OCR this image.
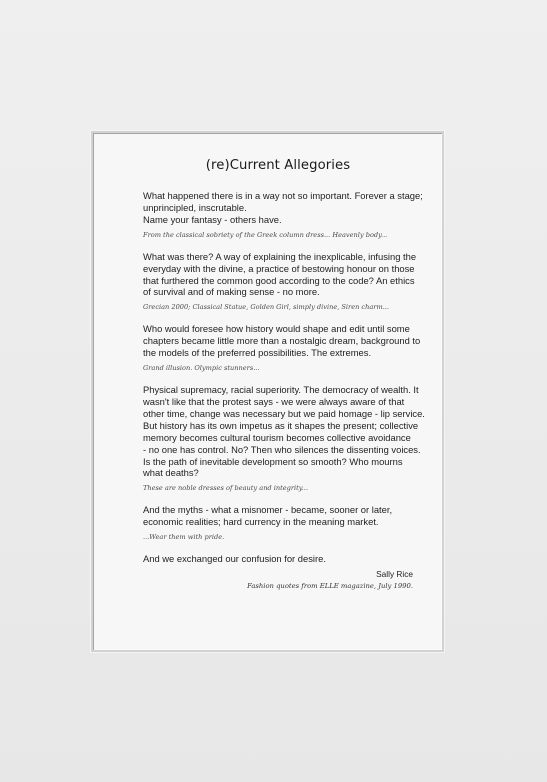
(re)Current Allegories

What happened there is in a way not so important. Forever a stage;
unprincipled, inscrutable.
Name your fantasy - others have.

From the classical sobriety of the Greek column dress... Heavenly body...

What was there? A way of explaining the inexplicable, infusing the
everyday with the divine, a practice of bestowing honour on those
that furthered the common good according to the code? An ethics
of survival and of making sense - no more.

Grecian 2000; Classical Statue, Golden Girl, simply divine, Siren charm...

Who would foresee how history would shape and edit until some
chapters became little more than a nostalgic dream, background to
the models of the preferred possibilities. The extremes.

Grand illusion. Olympic stunners...

Physical supremacy, racial superiority. The democracy of wealth. It
wasn't like that the protest says - we were always aware of that
other time, change was necessary but we paid homage - lip service.
But history has its own impetus as it shapes the present; collective
memory becomes cultural tourism becomes collective avoidance
- no one has control. No? Then who silences the dissenting voices.
Is the path of inevitable development so smooth? Who mourns
what deaths?

These are noble dresses of beauty and integrity...

And the myths - what a misnomer - became, sooner or later,
economic realities; hard currency in the meaning market.

...Wear them with pride.

And we exchanged our confusion for desire.

Sally Rice

Fashion quotes from ELLE magazine, July 1990.
